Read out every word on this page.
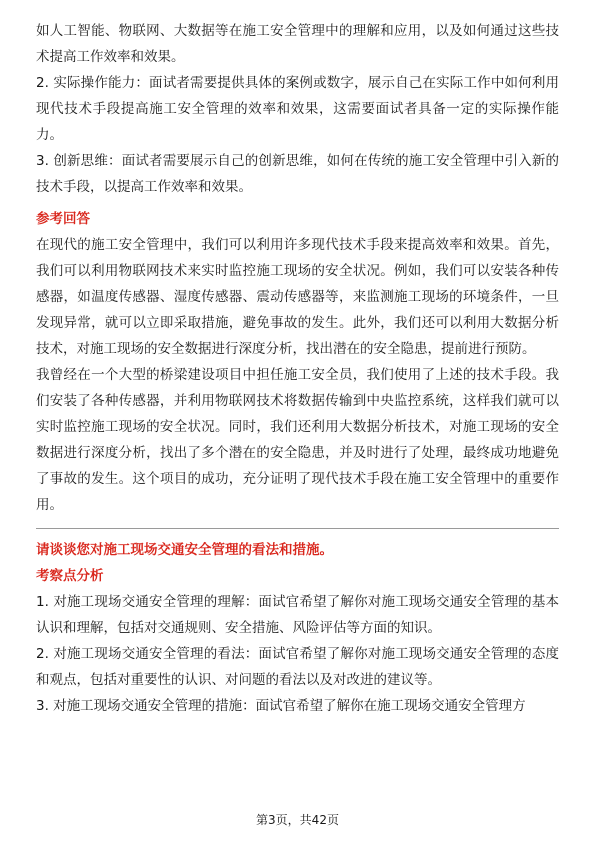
如人工智能、物联网、大数据等在施工安全管理中的理解和应用，以及如何通过这些技术提高工作效率和效果。

2. 实际操作能力：面试者需要提供具体的案例或数字，展示自己在实际工作中如何利用现代技术手段提高施工安全管理的效率和效果，这需要面试者具备一定的实际操作能力。

3. 创新思维：面试者需要展示自己的创新思维，如何在传统的施工安全管理中引入新的技术手段，以提高工作效率和效果。

参考回答

在现代的施工安全管理中，我们可以利用许多现代技术手段来提高效率和效果。首先，我们可以利用物联网技术来实时监控施工现场的安全状况。例如，我们可以安装各种传感器，如温度传感器、湿度传感器、震动传感器等，来监测施工现场的环境条件，一旦发现异常，就可以立即采取措施，避免事故的发生。此外，我们还可以利用大数据分析技术，对施工现场的安全数据进行深度分析，找出潜在的安全隐患，提前进行预防。

我曾经在一个大型的桥梁建设项目中担任施工安全员，我们使用了上述的技术手段。我们安装了各种传感器，并利用物联网技术将数据传输到中央监控系统，这样我们就可以实时监控施工现场的安全状况。同时，我们还利用大数据分析技术，对施工现场的安全数据进行深度分析，找出了多个潜在的安全隐患，并及时进行了处理，最终成功地避免了事故的发生。这个项目的成功，充分证明了现代技术手段在施工安全管理中的重要作用。

请谈谈您对施工现场交通安全管理的看法和措施。
考察点分析

1. 对施工现场交通安全管理的理解：面试官希望了解你对施工现场交通安全管理的基本认识和理解，包括对交通规则、安全措施、风险评估等方面的知识。

2. 对施工现场交通安全管理的看法：面试官希望了解你对施工现场交通安全管理的态度和观点，包括对重要性的认识、对问题的看法以及对改进的建议等。

3. 对施工现场交通安全管理的措施：面试官希望了解你在施工现场交通安全管理方

第3页，共42页
